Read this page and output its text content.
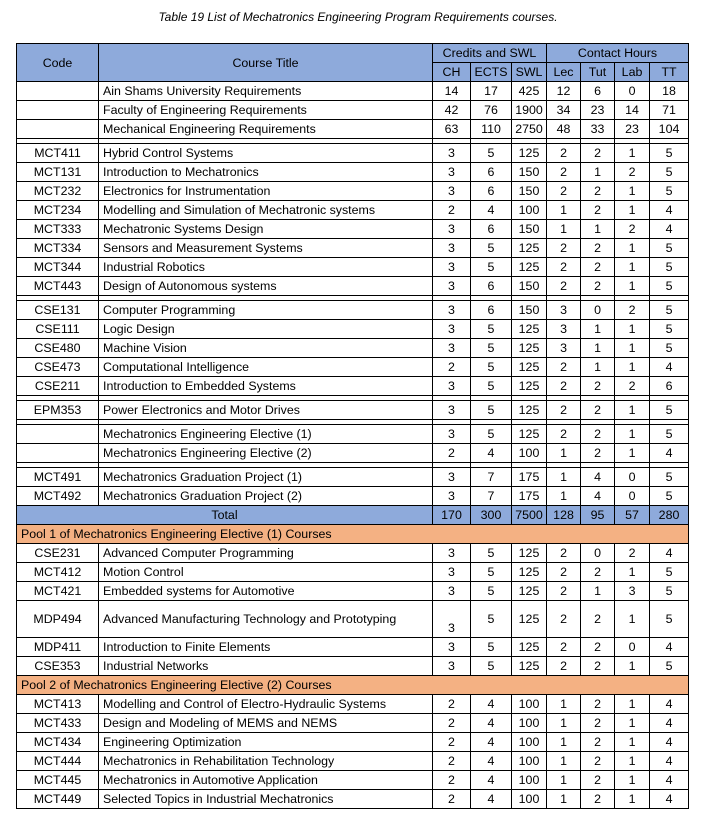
Table 19 List of Mechatronics Engineering Program Requirements courses.
Code	Course Title	Credits and SWL			Contact Hours			
		CH	ECTS	SWL	Lec	Tut	Lab	TT
	Ain Shams University Requirements	14	17	425	12	6	0	18
	Faculty of Engineering Requirements	42	76	1900	34	23	14	71
	Mechanical Engineering Requirements	63	110	2750	48	33	23	104

MCT411	Hybrid Control Systems	3	5	125	2	2	1	5
MCT131	Introduction to Mechatronics	3	6	150	2	1	2	5
MCT232	Electronics for Instrumentation	3	6	150	2	2	1	5
MCT234	Modelling and Simulation of Mechatronic systems	2	4	100	1	2	1	4
MCT333	Mechatronic Systems Design	3	6	150	1	1	2	4
MCT334	Sensors and Measurement Systems	3	5	125	2	2	1	5
MCT344	Industrial Robotics	3	5	125	2	2	1	5
MCT443	Design of Autonomous systems	3	6	150	2	2	1	5

CSE131	Computer Programming	3	6	150	3	0	2	5
CSE111	Logic Design	3	5	125	3	1	1	5
CSE480	Machine Vision	3	5	125	3	1	1	5
CSE473	Computational Intelligence	2	5	125	2	1	1	4
CSE211	Introduction to Embedded Systems	3	5	125	2	2	2	6

EPM353	Power Electronics and Motor Drives	3	5	125	2	2	1	5

	Mechatronics Engineering Elective (1)	3	5	125	2	2	1	5
	Mechatronics Engineering Elective (2)	2	4	100	1	2	1	4

MCT491	Mechatronics Graduation Project (1)	3	7	175	1	4	0	5
MCT492	Mechatronics Graduation Project (2)	3	7	175	1	4	0	5
Total		170	300	7500	128	95	57	280
Pool 1 of Mechatronics Engineering Elective (1) Courses								
CSE231	Advanced Computer Programming	3	5	125	2	0	2	4
MCT412	Motion Control	3	5	125	2	2	1	5
MCT421	Embedded systems for Automotive	3	5	125	2	1	3	5
MDP494	Advanced Manufacturing Technology and Prototyping	3	5	125	2	2	1	5
MDP411	Introduction to Finite Elements	3	5	125	2	2	0	4
CSE353	Industrial Networks	3	5	125	2	2	1	5
Pool 2 of Mechatronics Engineering Elective (2) Courses								
MCT413	Modelling and Control of Electro-Hydraulic Systems	2	4	100	1	2	1	4
MCT433	Design and Modeling of MEMS and NEMS	2	4	100	1	2	1	4
MCT434	Engineering Optimization	2	4	100	1	2	1	4
MCT444	Mechatronics in Rehabilitation Technology	2	4	100	1	2	1	4
MCT445	Mechatronics in Automotive Application	2	4	100	1	2	1	4
MCT449	Selected Topics in Industrial Mechatronics	2	4	100	1	2	1	4
